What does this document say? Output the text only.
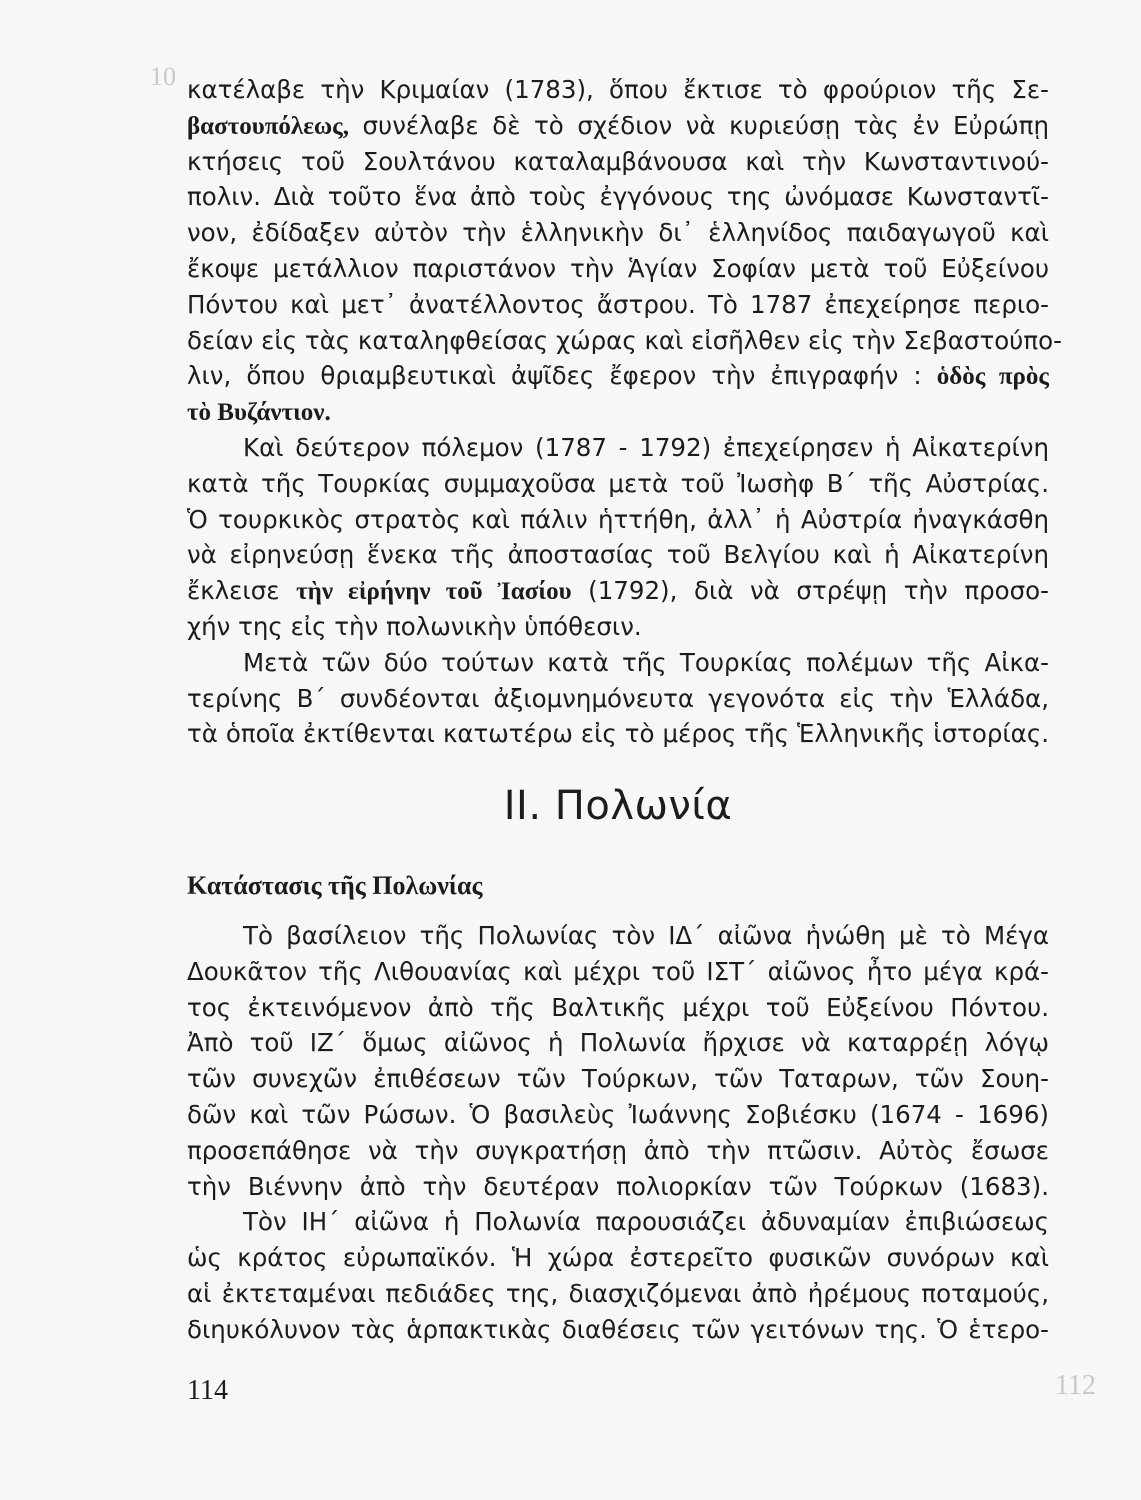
10
112
κατέλαβε τὴν Κριμαίαν (1783), ὅπου ἔκτισε τὸ φρούριον τῆς Σε-
βαστουπόλεως, συνέλαβε δὲ τὸ σχέδιον νὰ κυριεύσῃ τὰς ἐν Εὐρώπῃ
κτήσεις τοῦ Σουλτάνου καταλαμβάνουσα καὶ τὴν Κωνσταντινού-
πολιν. Διὰ τοῦτο ἕνα ἀπὸ τοὺς ἐγγόνους της ὠνόμασε Κωνσταντῖ-
νον, ἐδίδαξεν αὐτὸν τὴν ἑλληνικὴν δι᾽ ἑλληνίδος παιδαγωγοῦ καὶ
ἔκοψε μετάλλιον παριστάνον τὴν Ἁγίαν Σοφίαν μετὰ τοῦ Εὐξείνου
Πόντου καὶ μετ᾽ ἀνατέλλοντος ἄστρου. Τὸ 1787 ἐπεχείρησε περιο-
δείαν εἰς τὰς καταληφθείσας χώρας καὶ εἰσῆλθεν εἰς τὴν Σεβαστούπο-
λιν, ὅπου θριαμβευτικαὶ ἀψῖδες ἔφερον τὴν ἐπιγραφήν : ὁδὸς πρὸς
τὸ Βυζάντιον.
Καὶ δεύτερον πόλεμον (1787 - 1792) ἐπεχείρησεν ἡ Αἰκατερίνη
κατὰ τῆς Τουρκίας συμμαχοῦσα μετὰ τοῦ Ἰωσὴφ Β΄ τῆς Αὐστρίας.
Ὁ τουρκικὸς στρατὸς καὶ πάλιν ἡττήθη, ἀλλ᾽ ἡ Αὐστρία ἠναγκάσθη
νὰ εἰρηνεύσῃ ἕνεκα τῆς ἀποστασίας τοῦ Βελγίου καὶ ἡ Αἰκατερίνη
ἔκλεισε τὴν εἰρήνην τοῦ Ἰασίου (1792), διὰ νὰ στρέψῃ τὴν προσο-
χήν της εἰς τὴν πολωνικὴν ὑπόθεσιν.
Μετὰ τῶν δύο τούτων κατὰ τῆς Τουρκίας πολέμων τῆς Αἰκα-
τερίνης Β΄ συνδέονται ἀξιομνημόνευτα γεγονότα εἰς τὴν Ἑλλάδα,
τὰ ὁποῖα ἐκτίθενται κατωτέρω εἰς τὸ μέρος τῆς Ἑλληνικῆς ἱστορίας.
ΙΙ. Πολωνία
Κατάστασις τῆς Πολωνίας
Τὸ βασίλειον τῆς Πολωνίας τὸν ΙΔ΄ αἰῶνα ἡνώθη μὲ τὸ Μέγα
Δουκᾶτον τῆς Λιθουανίας καὶ μέχρι τοῦ ΙΣΤ΄ αἰῶνος ἦτο μέγα κρά-
τος ἐκτεινόμενον ἀπὸ τῆς Βαλτικῆς μέχρι τοῦ Εὐξείνου Πόντου.
Ἀπὸ τοῦ ΙΖ΄ ὅμως αἰῶνος ἡ Πολωνία ἤρχισε νὰ καταρρέῃ λόγῳ
τῶν συνεχῶν ἐπιθέσεων τῶν Τούρκων, τῶν Ταταρων, τῶν Σουη-
δῶν καὶ τῶν Ρώσων. Ὁ βασιλεὺς Ἰωάννης Σοβιέσκυ (1674 - 1696)
προσεπάθησε νὰ τὴν συγκρατήσῃ ἀπὸ τὴν πτῶσιν. Αὐτὸς ἔσωσε
τὴν Βιέννην ἀπὸ τὴν δευτέραν πολιορκίαν τῶν Τούρκων (1683).
Τὸν ΙΗ΄ αἰῶνα ἡ Πολωνία παρουσιάζει ἀδυναμίαν ἐπιβιώσεως
ὡς κράτος εὐρωπαϊκόν. Ἡ χώρα ἐστερεῖτο φυσικῶν συνόρων καὶ
αἱ ἐκτεταμέναι πεδιάδες της, διασχιζόμεναι ἀπὸ ἠρέμους ποταμούς,
διηυκόλυνον τὰς ἁρπακτικὰς διαθέσεις τῶν γειτόνων της. Ὁ ἑτερο-
114
